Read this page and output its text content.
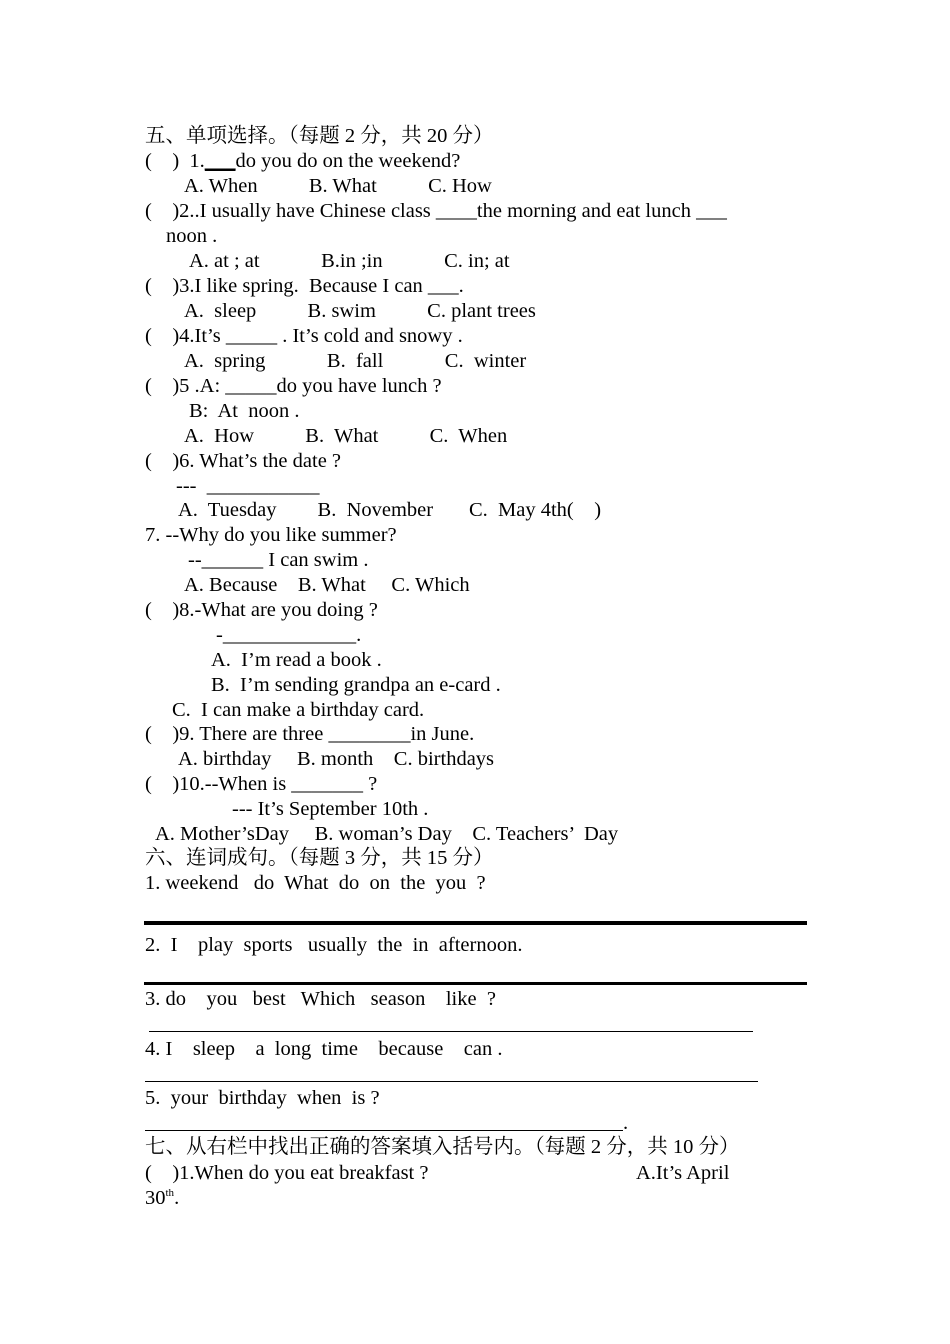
五、单项选择。（每题 2 分，共 20 分）
(    )  1.___do you do on the weekend?
A. When          B. What          C. How
(    )2..I usually have Chinese class ____the morning and eat lunch ___
noon .
A. at ; at            B.in ;in            C. in; at
(    )3.I like spring.  Because I can ___.
A.  sleep          B. swim          C. plant trees
(    )4.It’s _____ . It’s cold and snowy .
A.  spring            B.  fall            C.  winter
(    )5 .A: _____do you have lunch ?
B:  At  noon .
A.  How          B.  What          C.  When
(    )6. What’s the date ?
---  ___________
A.  Tuesday        B.  November       C.  May 4th(    )
7. --Why do you like summer?
--______ I can swim .
A. Because    B. What     C. Which
(    )8.-What are you doing ?
-_____________.
A.  I’m read a book .
B.  I’m sending grandpa an e-card .
C.  I can make a birthday card.
(    )9. There are three ________in June.
A. birthday     B. month    C. birthdays
(    )10.--When is _______ ?
--- It’s September 10th .
A. Mother’sDay     B. woman’s Day    C. Teachers’  Day
六、连词成句。（每题 3 分，共 15 分）
1. weekend   do  What  do  on  the  you  ?
2.  I    play  sports   usually  the  in  afternoon.
3. do    you   best   Which   season    like  ?
4. I    sleep    a  long  time    because    can .
5.  your  birthday  when  is ?
.
七、从右栏中找出正确的答案填入括号内。（每题 2 分，共 10 分）
(    )1.When do you eat breakfast ?	A.It’s April
30th.
